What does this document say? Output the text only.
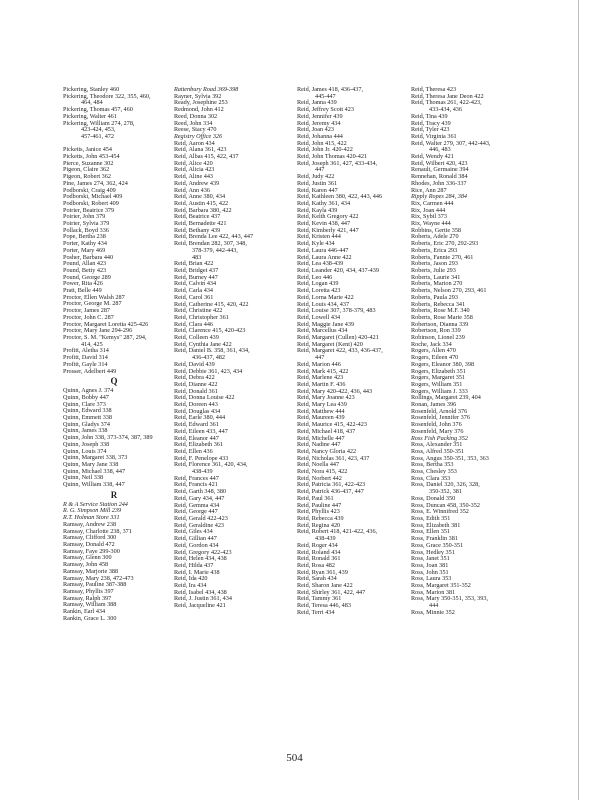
Pickering, Stanley 460
Pickering, Theodore 322, 355, 460,
464, 484
Pickering, Thomas 457, 460
Pickering, Walter 461
Pickering, William 274, 278,
423-424, 453,
457-461, 472
Picketts, Janice 454
Picketts, John 453-454
Pierce, Suzanne 302
Pigeon, Claire 362
Pigeon, Robert 362
Pine, James 274, 362, 424
Podborski, Craig 409
Podborski, Michael 409
Podborski, Robert 409
Poirier, Beatrice 379
Poirier, John 379
Poirier, Sylvia 379
Pollack, Boyd 336
Pope, Bertha 238
Porter, Kathy 434
Porter, Mary 469
Posher, Barbara 440
Pound, Allan 423
Pound, Betty 423
Pound, George 289
Power, Rita 426
Pratt, Belle 449
Proctor, Ellen Walsh 287
Proctor, George M. 287
Proctor, James 287
Proctor, John C. 287
Proctor, Margaret Loretta 425-426
Proctor, Mary Jane 294-296
Proctor, S. M. "Kemys" 287, 294,
414, 425
Profitt, Aletha 314
Profitt, David 314
Profitt, Gayle 314
Prosser, Adelbert 449
Q
Quinn, Agnes J. 374
Quinn, Bobby 447
Quinn, Clare 373
Quinn, Edward 338
Quinn, Emmett 338
Quinn, Gladys 374
Quinn, James 338
Quinn, John 338, 373-374, 387, 389
Quinn, Joseph 338
Quinn, Louis 374
Quinn, Margaret 338, 373
Quinn, Mary Jane 338
Quinn, Michael 338, 447
Quinn, Neil 338
Quinn, William 338, 447
R
R & A Service Station 244
R. G. Simpson Mill 239
R.T. Holman Store 331
Ramsay, Andrew 238
Ramsay, Charlotte 238, 371
Ramsay, Clifford 300
Ramsay, Donald 472
Ramsay, Faye 299-300
Ramsay, Glenn 300
Ramsay, John 458
Ramsay, Marjorie 388
Ramsay, Mary 238, 472-473
Ramsay, Pauline 387-388
Ramsay, Phyllis 397
Ramsay, Ralph 397
Ramsay, William 388
Rankin, Earl 434
Rankin, Grace L. 300
Rattenbury Road 369-398
Rayner, Sylvia 392
Ready, Josephine 253
Redmond, John 412
Reed, Donna 302
Reed, John 334
Reese, Stacy 470
Registry Office 326
Reid, Aaron 434
Reid, Alana 361, 423
Reid, Albas 415, 422, 437
Reid, Alice 420
Reid, Alicia 423
Reid, Aline 443
Reid, Andrew 439
Reid, Ann 436
Reid, Anne 380, 434
Reid, Austin 415, 422
Reid, Barbara 380, 422
Reid, Beatrice 437
Reid, Bernadette 421
Reid, Bethany 439
Reid, Brenda Lee 422, 443, 447
Reid, Brendan 282, 307, 348,
378-379, 442-443,
483
Reid, Brian 422
Reid, Bridget 437
Reid, Burney 447
Reid, Calvin 434
Reid, Carla 434
Reid, Carol 361
Reid, Catherine 415, 420, 422
Reid, Christine 422
Reid, Christopher 361
Reid, Clara 446
Reid, Clarence 415, 420-423
Reid, Colleen 439
Reid, Cynthia Jane 422
Reid, Daniel B. 358, 361, 434,
436-437, 482
Reid, David 439
Reid, Debbie 361, 423, 434
Reid, Debra 422
Reid, Dianne 422
Reid, Donald 361
Reid, Donna Louise 422
Reid, Doreen 443
Reid, Douglas 434
Reid, Earle 380, 444
Reid, Edward 361
Reid, Eileen 433, 447
Reid, Eleanor 447
Reid, Elizabeth 361
Reid, Ellen 436
Reid, F. Penelope 433
Reid, Florence 361, 420, 434,
438-439
Reid, Frances 447
Reid, Francis 421
Reid, Garth 348, 380
Reid, Gary 434, 447
Reid, Gemma 434
Reid, George 447
Reid, Gerald 422-423
Reid, Geraldine 423
Reid, Giles 434
Reid, Gillian 447
Reid, Gordon 434
Reid, Gregory 422-423
Reid, Helen 434, 438
Reid, Hilda 437
Reid, I. Marie 438
Reid, Ida 420
Reid, Ira 434
Reid, Isabel 434, 438
Reid, J. Justin 361, 434
Reid, Jacqueline 421
Reid, James 418, 436-437,
445-447
Reid, Janna 439
Reid, Jeffrey Scott 423
Reid, Jennifer 439
Reid, Jeremy 434
Reid, Joan 423
Reid, Johanna 444
Reid, John 415, 422
Reid, John Jr. 420-422
Reid, John Thomas 420-421
Reid, Joseph 361, 427, 433-434,
447
Reid, Judy 422
Reid, Justin 361
Reid, Karen 447
Reid, Kathleen 380, 422, 443, 446
Reid, Kathy 361, 434
Reid, Kayla 439
Reid, Keith Gregory 422
Reid, Kevin 438, 447
Reid, Kimberly 421, 447
Reid, Kristen 444
Reid, Kyle 434
Reid, Laura 446-447
Reid, Laura Anne 422
Reid, Lea 438-439
Reid, Leander 420, 434, 437-439
Reid, Leo 446
Reid, Logan 439
Reid, Loretta 423
Reid, Lorna Marie 422
Reid, Louis 434, 437
Reid, Louise 307, 378-379, 483
Reid, Lowell 434
Reid, Maggie Jane 439
Reid, Marcellus 434
Reid, Margaret (Cullen) 420-421
Reid, Margaret (Kent) 420
Reid, Margaret 422, 433, 436-437,
447
Reid, Marion 446
Reid, Mark 415, 422
Reid, Marlene 423
Reid, Martin F. 436
Reid, Mary 420-422, 436, 443
Reid, Mary Joanne 423
Reid, Mary Lea 439
Reid, Matthew 444
Reid, Maureen 439
Reid, Maurice 415, 422-423
Reid, Michael 418, 437
Reid, Michelle 447
Reid, Nadine 447
Reid, Nancy Gloria 422
Reid, Nicholas 361, 423, 437
Reid, Noella 447
Reid, Nora 415, 422
Reid, Norbert 442
Reid, Patricia 361, 422-423
Reid, Patrick 436-437, 447
Reid, Paul 361
Reid, Pauline 447
Reid, Phyllis 423
Reid, Rebecca 439
Reid, Regina 420
Reid, Robert 418, 421-422, 436,
438-439
Reid, Roger 434
Reid, Roland 434
Reid, Ronald 361
Reid, Rosa 482
Reid, Ryan 361, 439
Reid, Sarah 434
Reid, Sharon Jane 422
Reid, Shirley 361, 422, 447
Reid, Tammy 361
Reid, Teresa 446, 483
Reid, Terri 434
Reid, Theresa 423
Reid, Theresa Jane Deon 422
Reid, Thomas 261, 422-423,
433-434, 436
Reid, Tina 439
Reid, Tracy 439
Reid, Tyler 423
Reid, Virginia 361
Reid, Walter 279, 307, 442-443,
446, 483
Reid, Wendy 421
Reid, Wilbert 420, 423
Renault, Germaine 394
Rennehan, Ronald 384
Rhodes, John 336-337
Rice, Ann 287
Ripply Ropes 284, 384
Rix, Carmen 444
Rix, Joan 444
Rix, Sybil 373
Rix, Wayne 444
Robbins, Gertie 358
Roberts, Adele 270
Roberts, Eric 270, 292-293
Roberts, Erica 293
Roberts, Fannie 270, 461
Roberts, Jason 293
Roberts, Julie 293
Roberts, Laurie 341
Roberts, Marion 270
Roberts, Nelson 270, 293, 461
Roberts, Paula 293
Roberts, Rebecca 341
Roberts, Rose M.F. 340
Roberts, Rose Marie 358
Robertson, Dianna 339
Robertson, Ron 339
Robinson, Lionel 239
Roche, Jack 334
Rogers, Allen 470
Rogers, Eileen 470
Rogers, Eleanor 380, 398
Rogers, Elizabeth 351
Rogers, Margaret 351
Rogers, William 351
Rogers, William J. 333
Rollings, Margaret 239, 404
Ronan, James 396
Rosenfeld, Arnold 376
Rosenfeld, Jennifer 376
Rosenfeld, John 376
Rosenfeld, Mary 376
Ross Fish Packing 352
Ross, Alexander 351
Ross, Alfred 350-351
Ross, Angus 350-351, 353, 363
Ross, Bertha 353
Ross, Chesley 353
Ross, Clara 353
Ross, Daniel 320, 326, 328,
350-352, 381
Ross, Donald 350
Ross, Duncan 458, 350-352
Ross, E. Winnifred 352
Ross, Edith 351
Ross, Elizabeth 381
Ross, Ellen 351
Ross, Franklin 381
Ross, Grace 350-351
Ross, Hedley 351
Ross, Janet 351
Ross, Joan 381
Ross, John 351
Ross, Laura 353
Ross, Margaret 351-352
Ross, Marion 381
Ross, Mary 350-351, 353, 393,
444
Ross, Minnie 352
504
